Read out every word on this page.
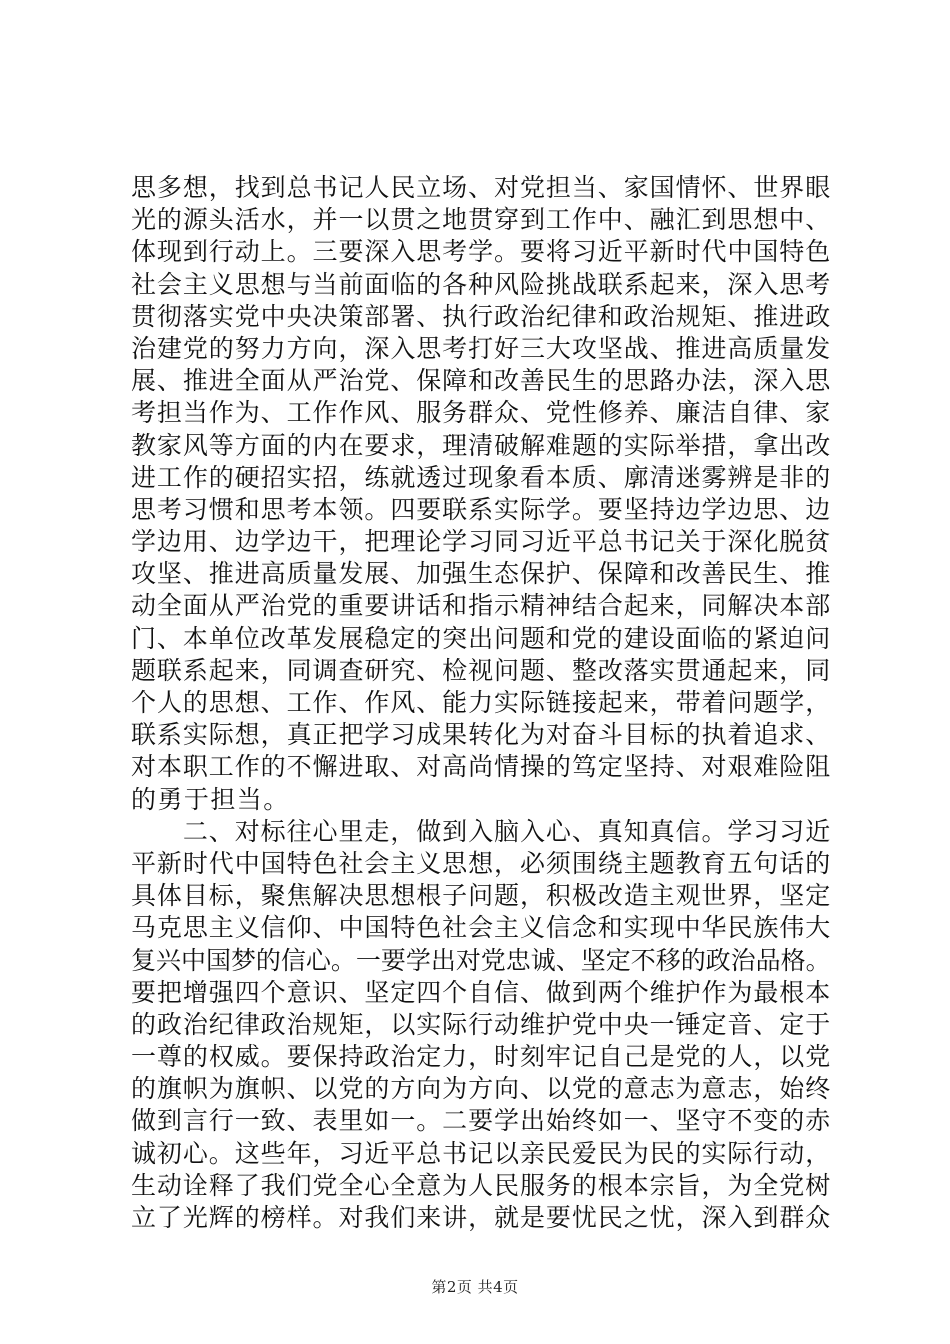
思多想，找到总书记人民立场、对党担当、家国情怀、世界眼
光的源头活水，并一以贯之地贯穿到工作中、融汇到思想中、
体现到行动上。三要深入思考学。要将习近平新时代中国特色
社会主义思想与当前面临的各种风险挑战联系起来，深入思考
贯彻落实党中央决策部署、执行政治纪律和政治规矩、推进政
治建党的努力方向，深入思考打好三大攻坚战、推进高质量发
展、推进全面从严治党、保障和改善民生的思路办法，深入思
考担当作为、工作作风、服务群众、党性修养、廉洁自律、家
教家风等方面的内在要求，理清破解难题的实际举措，拿出改
进工作的硬招实招，练就透过现象看本质、廓清迷雾辨是非的
思考习惯和思考本领。四要联系实际学。要坚持边学边思、边
学边用、边学边干，把理论学习同习近平总书记关于深化脱贫
攻坚、推进高质量发展、加强生态保护、保障和改善民生、推
动全面从严治党的重要讲话和指示精神结合起来，同解决本部
门、本单位改革发展稳定的突出问题和党的建设面临的紧迫问
题联系起来，同调查研究、检视问题、整改落实贯通起来，同
个人的思想、工作、作风、能力实际链接起来，带着问题学，
联系实际想，真正把学习成果转化为对奋斗目标的执着追求、
对本职工作的不懈进取、对高尚情操的笃定坚持、对艰难险阻
的勇于担当。
　　二、对标往心里走，做到入脑入心、真知真信。学习习近
平新时代中国特色社会主义思想，必须围绕主题教育五句话的
具体目标，聚焦解决思想根子问题，积极改造主观世界，坚定
马克思主义信仰、中国特色社会主义信念和实现中华民族伟大
复兴中国梦的信心。一要学出对党忠诚、坚定不移的政治品格。
要把增强四个意识、坚定四个自信、做到两个维护作为最根本
的政治纪律政治规矩，以实际行动维护党中央一锤定音、定于
一尊的权威。要保持政治定力，时刻牢记自己是党的人，以党
的旗帜为旗帜、以党的方向为方向、以党的意志为意志，始终
做到言行一致、表里如一。二要学出始终如一、坚守不变的赤
诚初心。这些年，习近平总书记以亲民爱民为民的实际行动，
生动诠释了我们党全心全意为人民服务的根本宗旨，为全党树
立了光辉的榜样。对我们来讲，就是要忧民之忧，深入到群众
第2页 共4页
